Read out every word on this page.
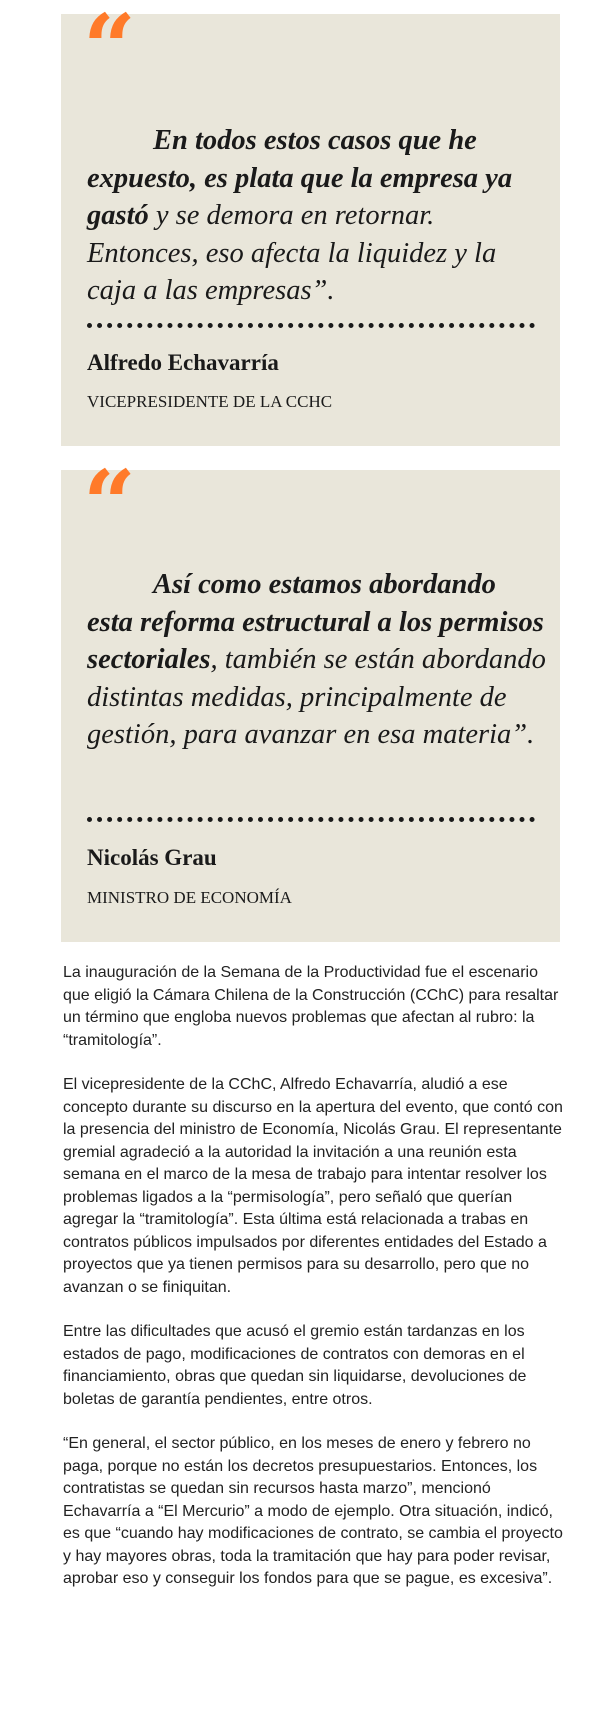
“

En todos estos casos que he expuesto, es plata que la empresa ya gastó y se demora en retornar. Entonces, eso afecta la liquidez y la caja a las empresas”.

Alfredo Echavarría

VICEPRESIDENTE DE LA CCHC

“

Así como estamos abordando esta reforma estructural a los permisos sectoriales, también se están abordando distintas medidas, principalmente de gestión, para avanzar en esa materia”.

Nicolás Grau

MINISTRO DE ECONOMÍA

La inauguración de la Semana de la Productividad fue el escenario que eligió la Cámara Chilena de la Construcción (CChC) para resaltar un término que engloba nuevos problemas que afectan al rubro: la “tramitología”.

El vicepresidente de la CChC, Alfredo Echavarría, aludió a ese concepto durante su discurso en la apertura del evento, que contó con la presencia del ministro de Economía, Nicolás Grau. El representante gremial agradeció a la autoridad la invitación a una reunión esta semana en el marco de la mesa de trabajo para intentar resolver los problemas ligados a la “permisología”, pero señaló que querían agregar la “tramitología”. Esta última está relacionada a trabas en contratos públicos impulsados por diferentes entidades del Estado a proyectos que ya tienen permisos para su desarrollo, pero que no avanzan o se finiquitan.

Entre las dificultades que acusó el gremio están tardanzas en los estados de pago, modificaciones de contratos con demoras en el financiamiento, obras que quedan sin liquidarse, devoluciones de boletas de garantía pendientes, entre otros.

“En general, el sector público, en los meses de enero y febrero no paga, porque no están los decretos presupuestarios. Entonces, los contratistas se quedan sin recursos hasta marzo”, mencionó Echavarría a “El Mercurio” a modo de ejemplo. Otra situación, indicó, es que “cuando hay modificaciones de contrato, se cambia el proyecto y hay mayores obras, toda la tramitación que hay para poder revisar, aprobar eso y conseguir los fondos para que se pague, es excesiva”.
